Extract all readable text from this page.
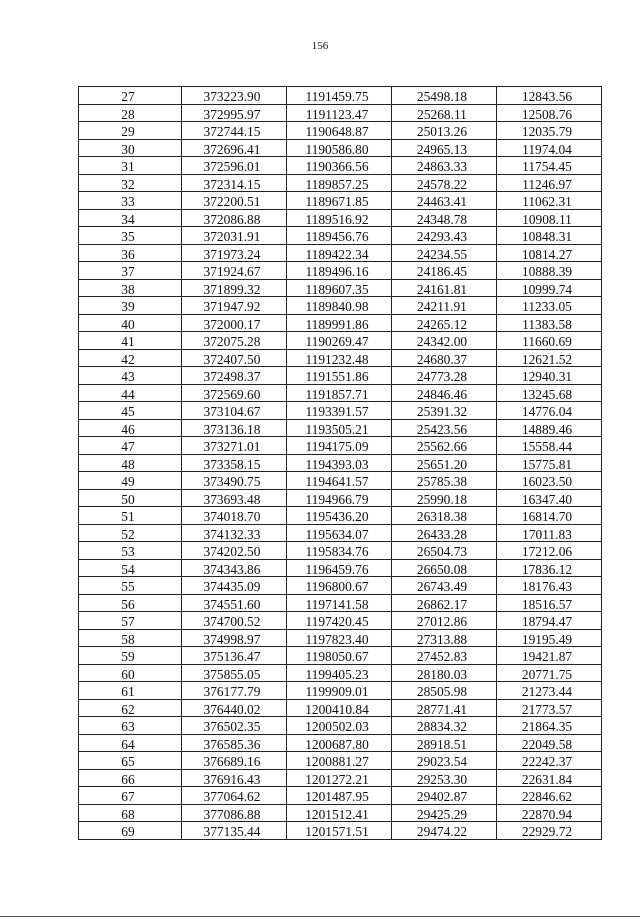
156
27	373223.90	1191459.75	25498.18	12843.56
28	372995.97	1191123.47	25268.11	12508.76
29	372744.15	1190648.87	25013.26	12035.79
30	372696.41	1190586.80	24965.13	11974.04
31	372596.01	1190366.56	24863.33	11754.45
32	372314.15	1189857.25	24578.22	11246.97
33	372200.51	1189671.85	24463.41	11062.31
34	372086.88	1189516.92	24348.78	10908.11
35	372031.91	1189456.76	24293.43	10848.31
36	371973.24	1189422.34	24234.55	10814.27
37	371924.67	1189496.16	24186.45	10888.39
38	371899.32	1189607.35	24161.81	10999.74
39	371947.92	1189840.98	24211.91	11233.05
40	372000.17	1189991.86	24265.12	11383.58
41	372075.28	1190269.47	24342.00	11660.69
42	372407.50	1191232.48	24680.37	12621.52
43	372498.37	1191551.86	24773.28	12940.31
44	372569.60	1191857.71	24846.46	13245.68
45	373104.67	1193391.57	25391.32	14776.04
46	373136.18	1193505.21	25423.56	14889.46
47	373271.01	1194175.09	25562.66	15558.44
48	373358.15	1194393.03	25651.20	15775.81
49	373490.75	1194641.57	25785.38	16023.50
50	373693.48	1194966.79	25990.18	16347.40
51	374018.70	1195436.20	26318.38	16814.70
52	374132.33	1195634.07	26433.28	17011.83
53	374202.50	1195834.76	26504.73	17212.06
54	374343.86	1196459.76	26650.08	17836.12
55	374435.09	1196800.67	26743.49	18176.43
56	374551.60	1197141.58	26862.17	18516.57
57	374700.52	1197420.45	27012.86	18794.47
58	374998.97	1197823.40	27313.88	19195.49
59	375136.47	1198050.67	27452.83	19421.87
60	375855.05	1199405.23	28180.03	20771.75
61	376177.79	1199909.01	28505.98	21273.44
62	376440.02	1200410.84	28771.41	21773.57
63	376502.35	1200502.03	28834.32	21864.35
64	376585.36	1200687.80	28918.51	22049.58
65	376689.16	1200881.27	29023.54	22242.37
66	376916.43	1201272.21	29253.30	22631.84
67	377064.62	1201487.95	29402.87	22846.62
68	377086.88	1201512.41	29425.29	22870.94
69	377135.44	1201571.51	29474.22	22929.72
